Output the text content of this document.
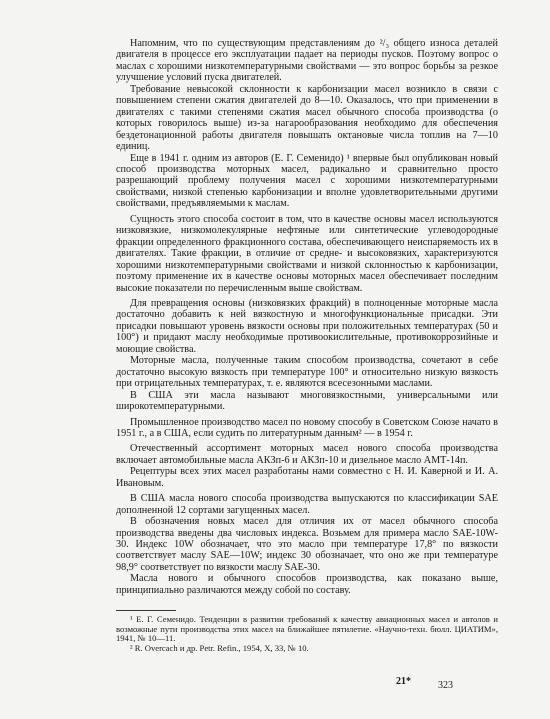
Напомним, что по существующим представлениям до ²/₃ общего износа деталей двигателя в процессе его эксплуатации падает на периоды пусков. Поэтому вопрос о маслах с хорошими низкотемпературными свойствами — это вопрос борьбы за резкое улучшение условий пуска двигателей.

Требование невысокой склонности к карбонизации масел возникло в связи с повышением степени сжатия двигателей до 8—10. Оказалось, что при применении в двигателях с такими степенями сжатия масел обычного способа производства (о которых говорилось выше) из-за нагарообразования необходимо для обеспечения бездетонационной работы двигателя повышать октановые числа топлив на 7—10 единиц.

Еще в 1941 г. одним из авторов (Е. Г. Семенидо) ¹ впервые был опубликован новый способ производства моторных масел, радикально и сравнительно просто разрешающий проблему получения масел с хорошими низкотемпературными свойствами, низкой степенью карбонизации и вполне удовлетворительными другими свойствами, предъявляемыми к маслам.

Сущность этого способа состоит в том, что в качестве основы масел используются низковязкие, низкомолекулярные нефтяные или синтетические углеводородные фракции определенного фракционного состава, обеспечивающего неиспаряемость их в двигателях. Такие фракции, в отличие от средне- и высоковязких, характеризуются хорошими низкотемпературными свойствами и низкой склонностью к карбонизации, поэтому применение их в качестве основы моторных масел обеспечивает последним высокие показатели по перечисленным выше свойствам.

Для превращения основы (низковязких фракций) в полноценные моторные масла достаточно добавить к ней вязкостную и многофункциональные присадки. Эти присадки повышают уровень вязкости основы при положительных температурах (50 и 100°) и придают маслу необходимые противоокислительные, противокоррозийные и моющие свойства.

Моторные масла, полученные таким способом производства, сочетают в себе достаточно высокую вязкость при температуре 100° и относительно низкую вязкость при отрицательных температурах, т. е. являются всесезонными маслами.

В США эти масла называют многовязкостными, универсальными или широкотемпературными.

Промышленное производство масел по новому способу в Советском Союзе начато в 1951 г., а в США, если судить по литературным данным² — в 1954 г.

Отечественный ассортимент моторных масел нового способа производства включает автомобильные масла АКЗп-6 и АКЗп-10 и дизельное масло АМТ-14п.

Рецептуры всех этих масел разработаны нами совместно с Н. И. Каверной и И. А. Ивановым.

В США масла нового способа производства выпускаются по классификации SAE дополненной 12 сортами загущенных масел.

В обозначения новых масел для отличия их от масел обычного способа производства введены два числовых индекса. Возьмем для примера масло SAE-10W-30. Индекс 10W обозначает, что это масло при температуре 17,8° по вязкости соответствует маслу SAE—10W; индекс 30 обозначает, что оно же при температуре 98,9° соответствует по вязкости маслу SAE-30.

Масла нового и обычного способов производства, как показано выше, принципиально различаются между собой по составу.

¹ Е. Г. Семенидо. Тенденции в развитии требований к качеству авиационных масел и автолов и возможные пути производства этих масел на ближайшее пятилетие. «Научно-техн. бюлл. ЦИАТИМ», 1941, № 10—11.

² R. Overcach и др. Petr. Refin., 1954, X, 33, № 10.

21*	323
